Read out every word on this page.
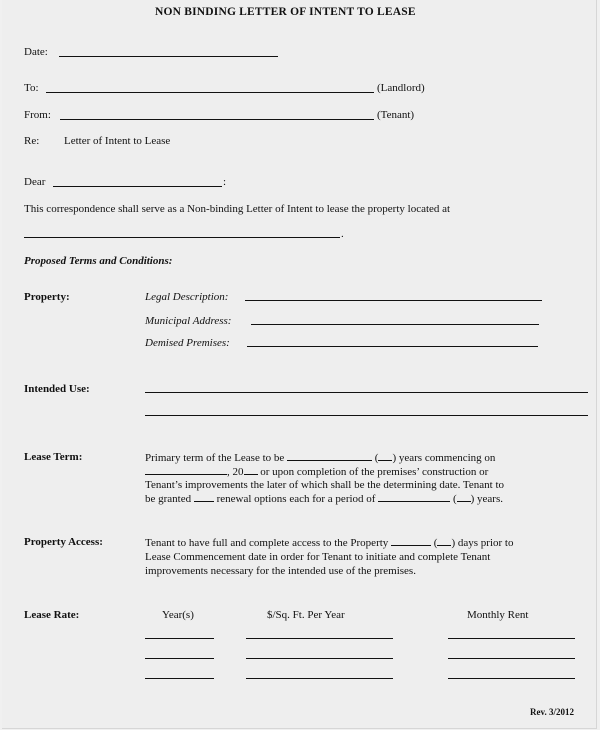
NON BINDING LETTER OF INTENT TO LEASE
Date:
To:	(Landlord)
From:	(Tenant)
Re: Letter of Intent to Lease
Dear	:
This correspondence shall serve as a Non-binding Letter of Intent to lease the property located at
.
Proposed Terms and Conditions:
Property:	Legal Description:
Municipal Address:
Demised Premises:
Intended Use:
Lease Term:	Primary term of the Lease to be	( ) years commencing on
, 20 or upon completion of the premises’ construction or
Tenant’s improvements the later of which shall be the determining date. Tenant to
be granted renewal options each for a period of	( ) years.
Property Access:	Tenant to have full and complete access to the Property	( ) days prior to
Lease Commencement date in order for Tenant to initiate and complete Tenant
improvements necessary for the intended use of the premises.
Lease Rate:	Year(s)	$/Sq. Ft. Per Year	Monthly Rent
Rev. 3/2012
